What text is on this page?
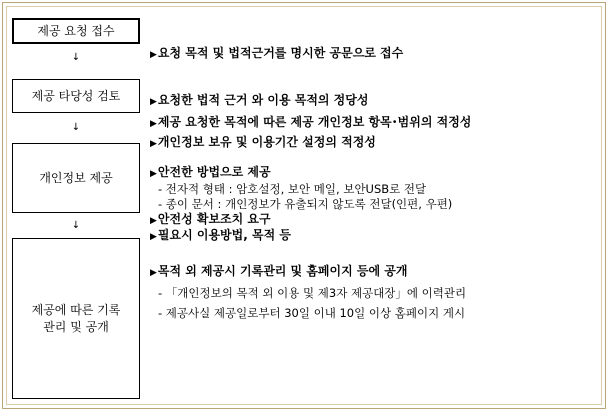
제공 요청 접수
↓
제공 타당성 검토
↓
개인정보 제공
↓
제공에 따른 기록
관리 및 공개
▶요청 목적 및 법적근거를 명시한 공문으로 접수
▶요청한 법적 근거 와 이용 목적의 정당성
▶제공 요청한 목적에 따른 제공 개인정보 항목･범위의 적정성
▶개인정보 보유 및 이용기간 설정의 적정성
▶안전한 방법으로 제공
- 전자적 형태 : 암호설정, 보안 메일, 보안USB로 전달
- 종이 문서 : 개인정보가 유출되지 않도록 전달(인편, 우편)
▶안전성 확보조치 요구
▶필요시 이용방법, 목적 등
▶목적 외 제공시 기록관리 및 홈페이지 등에 공개
- 「개인정보의 목적 외 이용 및 제3자 제공대장」에 이력관리
- 제공사실 제공일로부터 30일 이내 10일 이상 홈페이지 게시
